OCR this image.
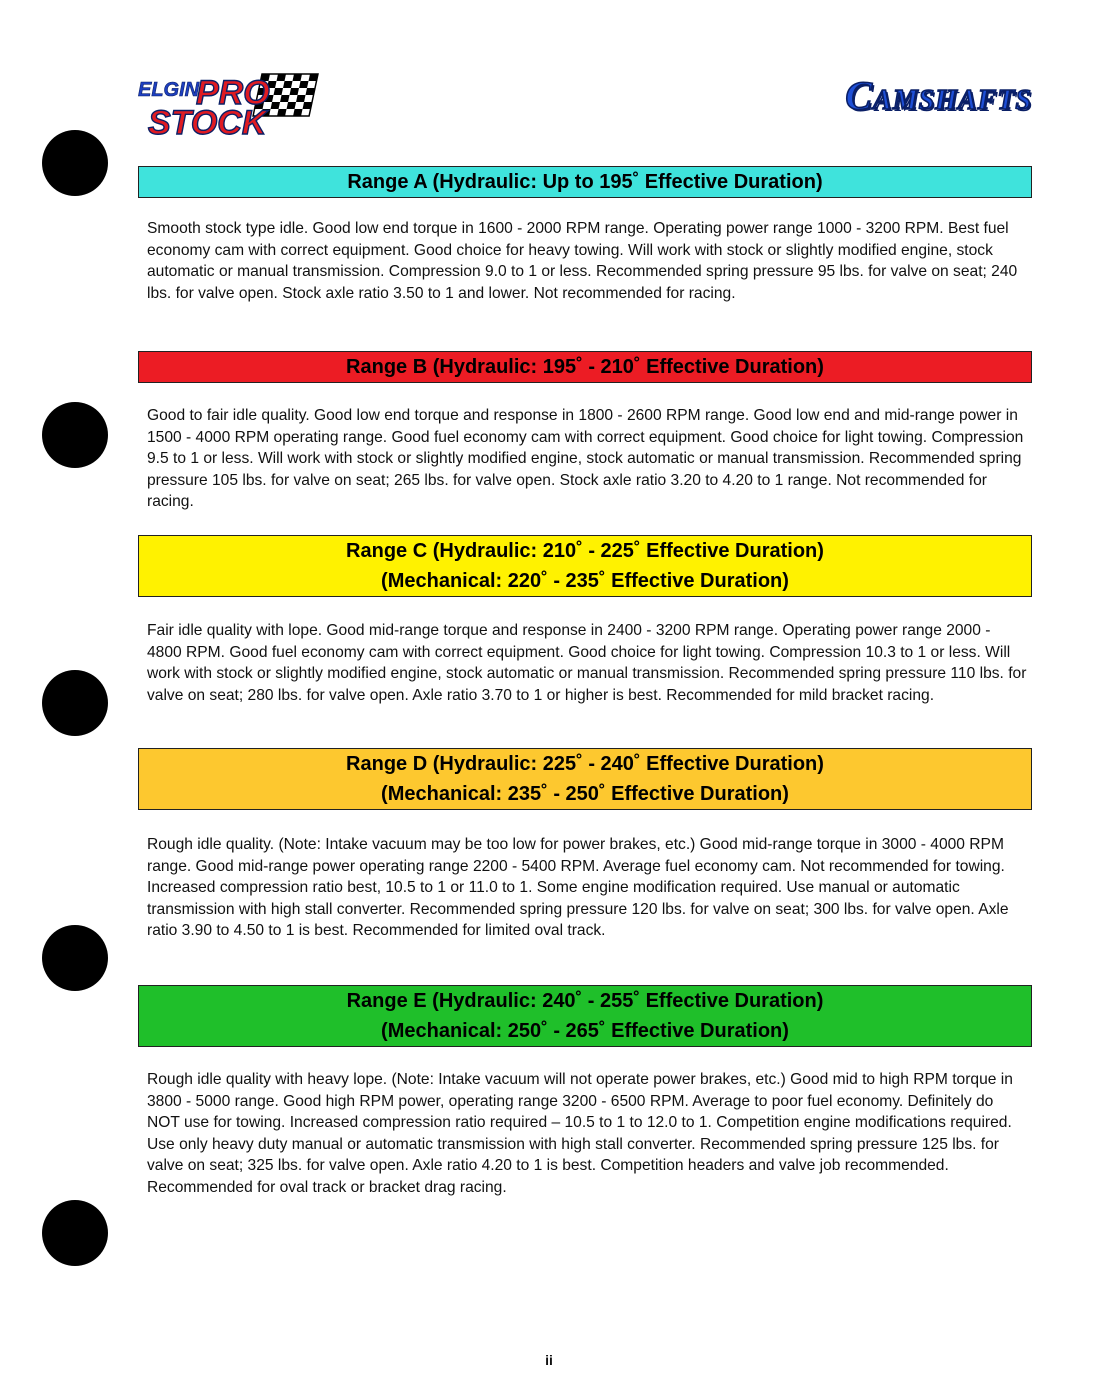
ELGIN
PRO
STOCK
Camshafts
Range A (Hydraulic: Up to 195˚ Effective Duration)

Smooth stock type idle. Good low end torque in 1600 - 2000 RPM range. Operating power range 1000 - 3200 RPM. Best fuel economy cam with correct equipment. Good choice for heavy towing. Will work with stock or slightly modified engine, stock automatic or manual transmission. Compression 9.0 to 1 or less. Recommended spring pressure 95 lbs. for valve on seat; 240 lbs. for valve open. Stock axle ratio 3.50 to 1 and lower. Not recommended for racing.

Range B (Hydraulic: 195˚ - 210˚ Effective Duration)

Good to fair idle quality. Good low end torque and response in 1800 - 2600 RPM range. Good low end and mid-range power in 1500 - 4000 RPM operating range. Good fuel economy cam with correct equipment. Good choice for light towing. Compression 9.5 to 1 or less. Will work with stock or slightly modified engine, stock automatic or manual transmission. Recommended spring pressure 105 lbs. for valve on seat; 265 lbs. for valve open. Stock axle ratio 3.20 to 4.20 to 1 range. Not recommended for racing.

Range C (Hydraulic: 210˚ - 225˚ Effective Duration)
(Mechanical: 220˚ - 235˚ Effective Duration)

Fair idle quality with lope. Good mid-range torque and response in 2400 - 3200 RPM range. Operating power range 2000 - 4800 RPM. Good fuel economy cam with correct equipment. Good choice for light towing. Compression 10.3 to 1 or less. Will work with stock or slightly modified engine, stock automatic or manual transmission. Recommended spring pressure 110 lbs. for valve on seat; 280 lbs. for valve open. Axle ratio 3.70 to 1 or higher is best. Recommended for mild bracket racing.

Range D (Hydraulic: 225˚ - 240˚ Effective Duration)
(Mechanical: 235˚ - 250˚ Effective Duration)

Rough idle quality. (Note: Intake vacuum may be too low for power brakes, etc.) Good mid-range torque in 3000 - 4000 RPM range. Good mid-range power operating range 2200 - 5400 RPM. Average fuel economy cam. Not recommended for towing. Increased compression ratio best, 10.5 to 1 or 11.0 to 1. Some engine modification required. Use manual or automatic transmission with high stall converter. Recommended spring pressure 120 lbs. for valve on seat; 300 lbs. for valve open. Axle ratio 3.90 to 4.50 to 1 is best. Recommended for limited oval track.

Range E (Hydraulic: 240˚ - 255˚ Effective Duration)
(Mechanical: 250˚ - 265˚ Effective Duration)

Rough idle quality with heavy lope. (Note: Intake vacuum will not operate power brakes, etc.) Good mid to high RPM torque in 3800 - 5000 range. Good high RPM power, operating range 3200 - 6500 RPM. Average to poor fuel economy. Definitely do NOT use for towing. Increased compression ratio required – 10.5 to 1 to 12.0 to 1. Competition engine modifications required. Use only heavy duty manual or automatic transmission with high stall converter. Recommended spring pressure 125 lbs. for valve on seat; 325 lbs. for valve open. Axle ratio 4.20 to 1 is best. Competition headers and valve job recommended. Recommended for oval track or bracket drag racing.

ii
